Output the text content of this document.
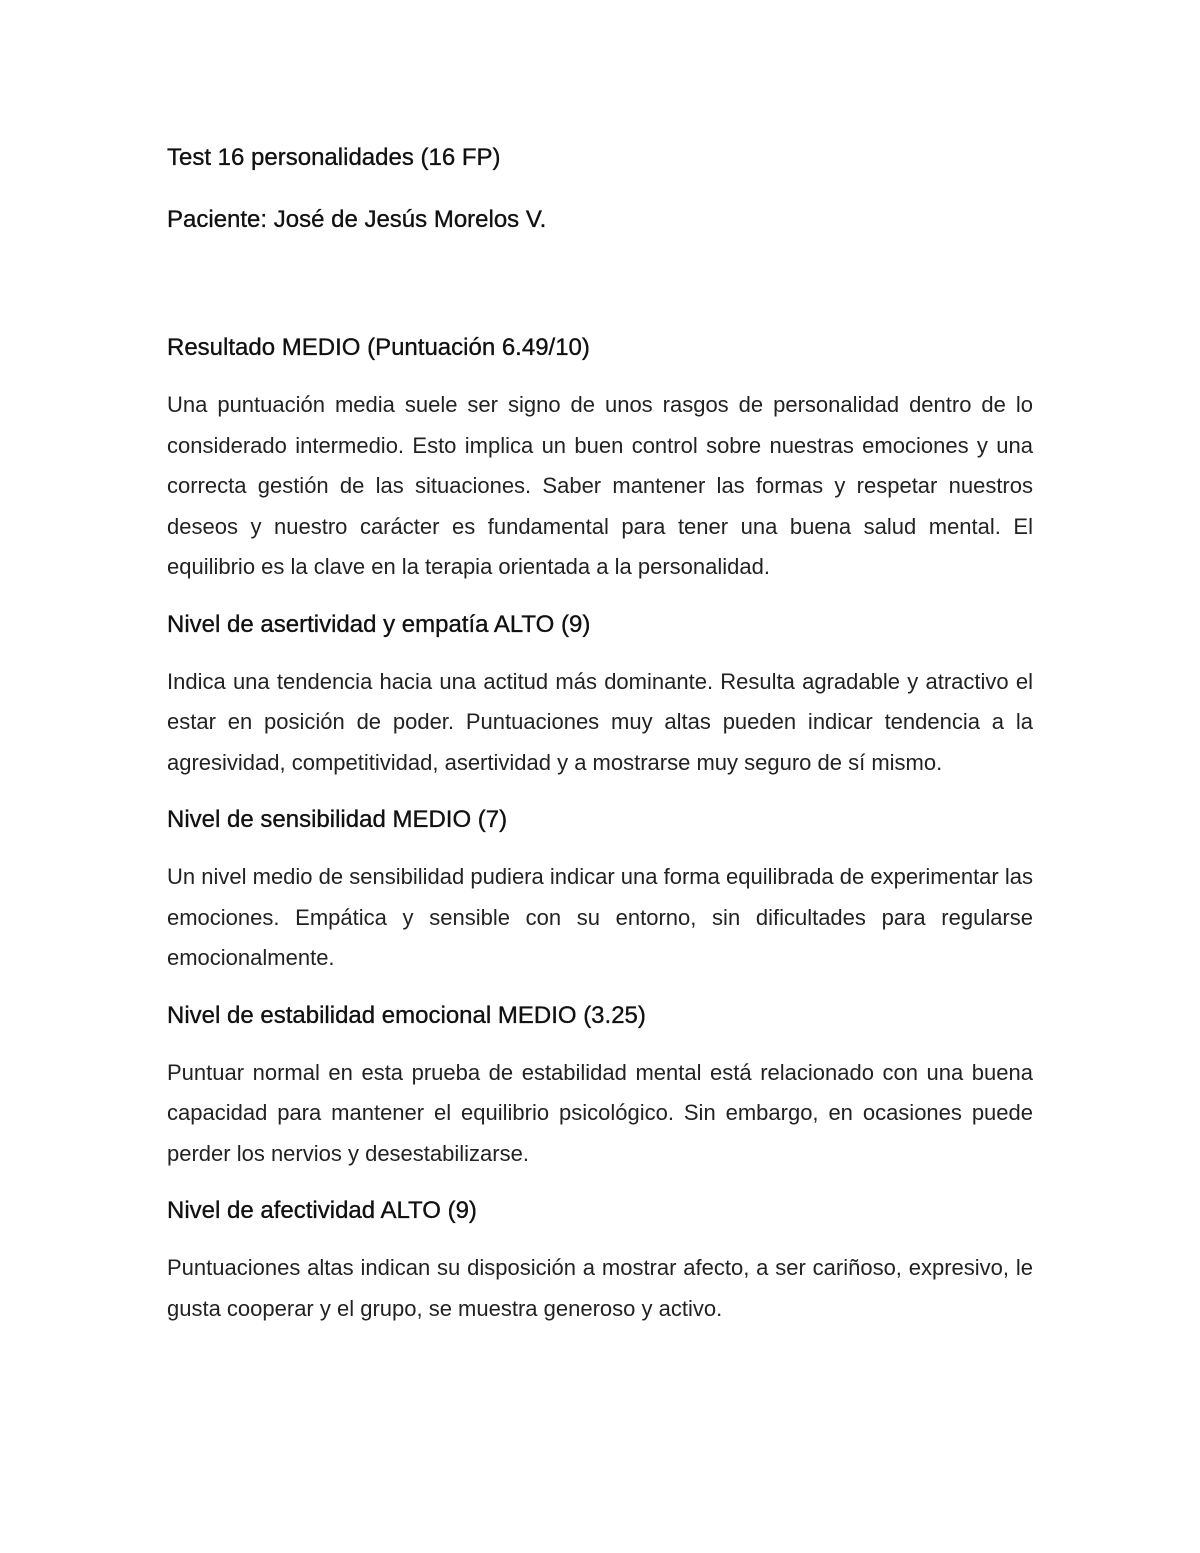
Test 16 personalidades (16 FP)
Paciente: José de Jesús Morelos V.
Resultado MEDIO (Puntuación 6.49/10)

Una puntuación media suele ser signo de unos rasgos de personalidad dentro de lo considerado intermedio. Esto implica un buen control sobre nuestras emociones y una correcta gestión de las situaciones. Saber mantener las formas y respetar nuestros deseos y nuestro carácter es fundamental para tener una buena salud mental. El equilibrio es la clave en la terapia orientada a la personalidad.

Nivel de asertividad y empatía ALTO (9)

Indica una tendencia hacia una actitud más dominante. Resulta agradable y atractivo el estar en posición de poder. Puntuaciones muy altas pueden indicar tendencia a la agresividad, competitividad, asertividad y a mostrarse muy seguro de sí mismo.

Nivel de sensibilidad MEDIO (7)

Un nivel medio de sensibilidad pudiera indicar una forma equilibrada de experimentar las emociones. Empática y sensible con su entorno, sin dificultades para regularse emocionalmente.

Nivel de estabilidad emocional MEDIO (3.25)

Puntuar normal en esta prueba de estabilidad mental está relacionado con una buena capacidad para mantener el equilibrio psicológico. Sin embargo, en ocasiones puede perder los nervios y desestabilizarse.

Nivel de afectividad ALTO (9)

Puntuaciones altas indican su disposición a mostrar afecto, a ser cariñoso, expresivo, le gusta cooperar y el grupo, se muestra generoso y activo.
